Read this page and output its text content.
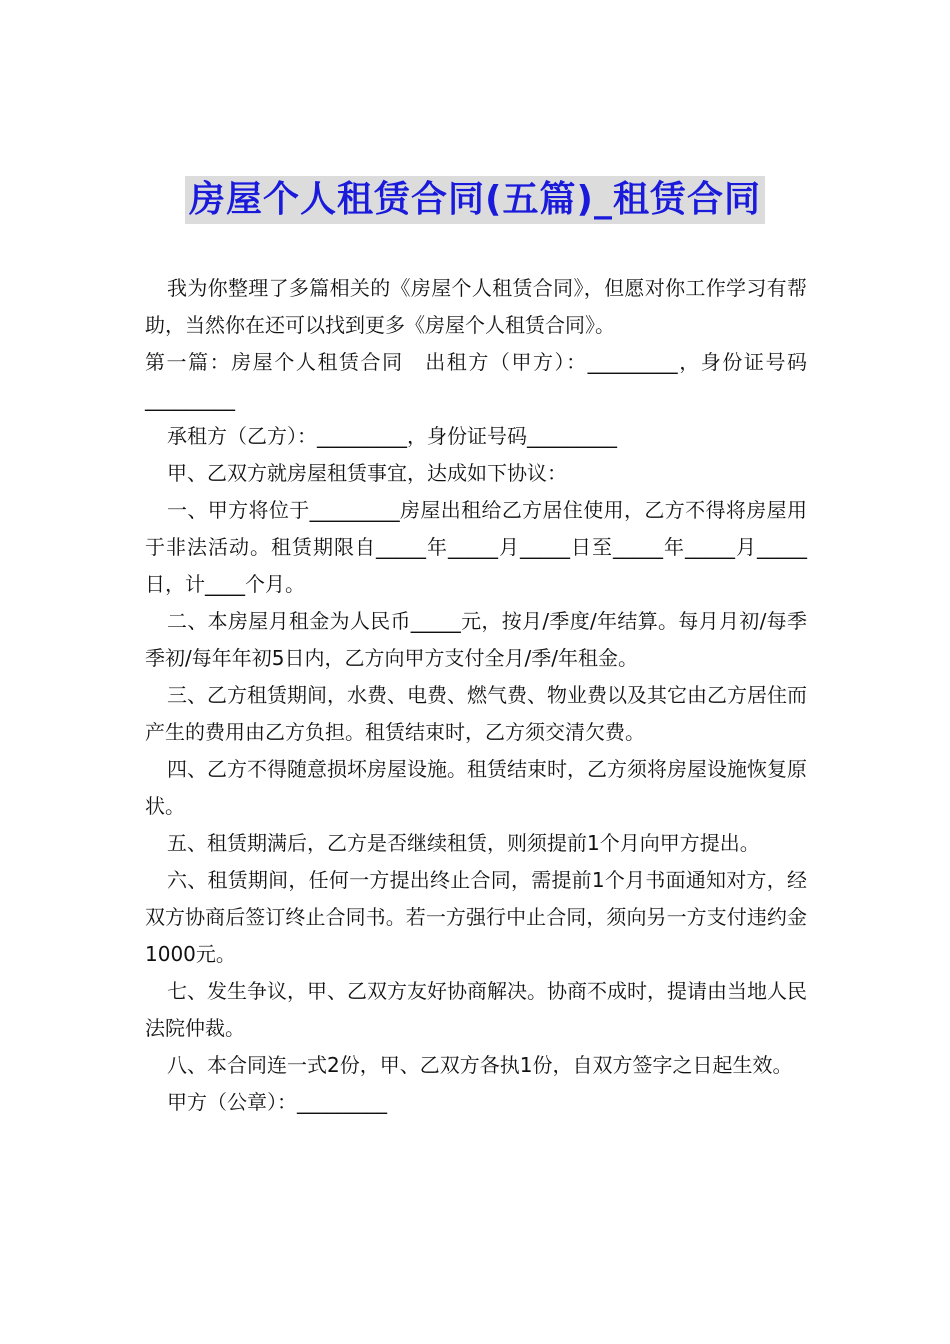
房屋个人租赁合同(五篇)_租赁合同

我为你整理了多篇相关的《房屋个人租赁合同》，但愿对你工作学习有帮助，当然你在还可以找到更多《房屋个人租赁合同》。

第一篇：房屋个人租赁合同　出租方（甲方）：_________，身份证号码_________

承租方（乙方）：_________，身份证号码_________

甲、乙双方就房屋租赁事宜，达成如下协议：

一、甲方将位于_________房屋出租给乙方居住使用，乙方不得将房屋用于非法活动。租赁期限自_____年_____月_____日至_____年_____月_____日，计____个月。

二、本房屋月租金为人民币_____元，按月/季度/年结算。每月月初/每季季初/每年年初5日内，乙方向甲方支付全月/季/年租金。

三、乙方租赁期间，水费、电费、燃气费、物业费以及其它由乙方居住而产生的费用由乙方负担。租赁结束时，乙方须交清欠费。

四、乙方不得随意损坏房屋设施。租赁结束时，乙方须将房屋设施恢复原状。

五、租赁期满后，乙方是否继续租赁，则须提前1个月向甲方提出。

六、租赁期间，任何一方提出终止合同，需提前1个月书面通知对方，经双方协商后签订终止合同书。若一方强行中止合同，须向另一方支付违约金1000元。

七、发生争议，甲、乙双方友好协商解决。协商不成时，提请由当地人民法院仲裁。

八、本合同连一式2份，甲、乙双方各执1份，自双方签字之日起生效。

甲方（公章）：_________
